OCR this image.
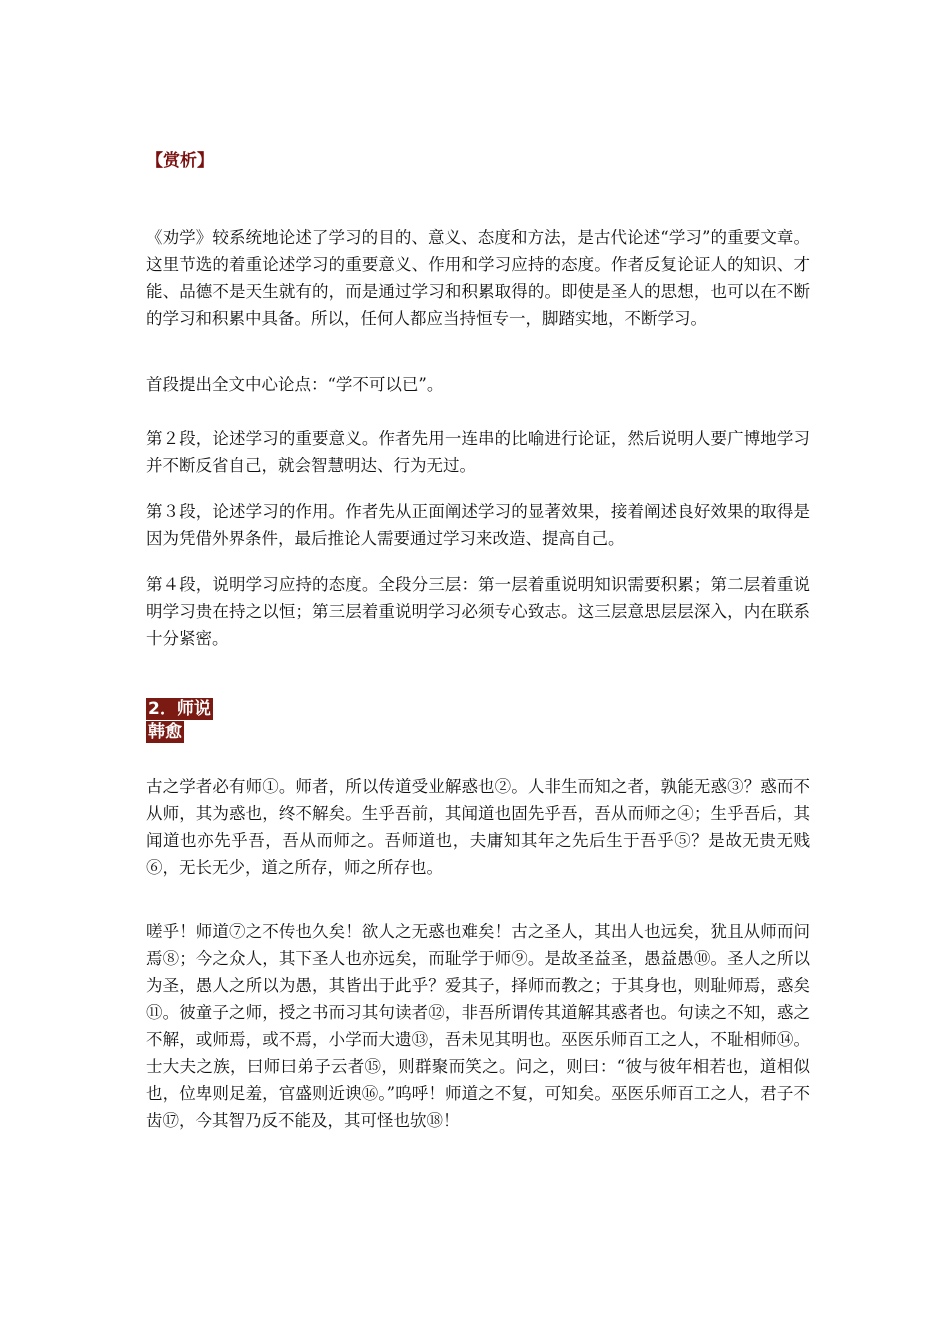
【赏析】

《劝学》较系统地论述了学习的目的、意义、态度和方法，是古代论述“学习”的重要文章。这里节选的着重论述学习的重要意义、作用和学习应持的态度。作者反复论证人的知识、才能、品德不是天生就有的，而是通过学习和积累取得的。即使是圣人的思想，也可以在不断的学习和积累中具备。所以，任何人都应当持恒专一，脚踏实地，不断学习。

首段提出全文中心论点：“学不可以已”。

第２段，论述学习的重要意义。作者先用一连串的比喻进行论证，然后说明人要广博地学习并不断反省自己，就会智慧明达、行为无过。

第３段，论述学习的作用。作者先从正面阐述学习的显著效果，接着阐述良好效果的取得是因为凭借外界条件，最后推论人需要通过学习来改造、提高自己。

第４段，说明学习应持的态度。全段分三层：第一层着重说明知识需要积累；第二层着重说明学习贵在持之以恒；第三层着重说明学习必须专心致志。这三层意思层层深入，内在联系十分紧密。

2．师说
韩愈

古之学者必有师①。师者，所以传道受业解惑也②。人非生而知之者，孰能无惑③？惑而不从师，其为惑也，终不解矣。生乎吾前，其闻道也固先乎吾，吾从而师之④；生乎吾后，其闻道也亦先乎吾，吾从而师之。吾师道也，夫庸知其年之先后生于吾乎⑤？是故无贵无贱⑥，无长无少，道之所存，师之所存也。

嗟乎！师道⑦之不传也久矣！欲人之无惑也难矣！古之圣人，其出人也远矣，犹且从师而问焉⑧；今之众人，其下圣人也亦远矣，而耻学于师⑨。是故圣益圣，愚益愚⑩。圣人之所以为圣，愚人之所以为愚，其皆出于此乎？爱其子，择师而教之；于其身也，则耻师焉，惑矣⑪。彼童子之师，授之书而习其句读者⑫，非吾所谓传其道解其惑者也。句读之不知，惑之不解，或师焉，或不焉，小学而大遗⑬，吾未见其明也。巫医乐师百工之人，不耻相师⑭。士大夫之族，曰师曰弟子云者⑮，则群聚而笑之。问之，则曰：“彼与彼年相若也，道相似也，位卑则足羞，官盛则近谀⑯。”呜呼！师道之不复，可知矣。巫医乐师百工之人，君子不齿⑰，今其智乃反不能及，其可怪也欤⑱！
